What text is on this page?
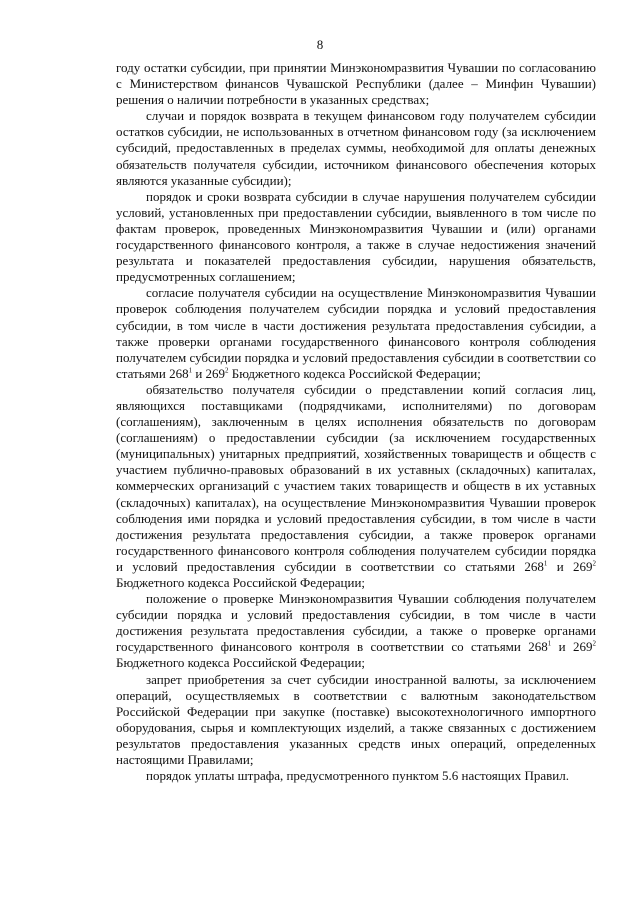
8

году остатки субсидии, при принятии Минэкономразвития Чувашии по согласованию с Министерством финансов Чувашской Республики (далее – Минфин Чувашии) решения о наличии потребности в указанных средствах;

случаи и порядок возврата в текущем финансовом году получателем субсидии остатков субсидии, не использованных в отчетном финансовом году (за исключением субсидий, предоставленных в пределах суммы, необходимой для оплаты денежных обязательств получателя субсидии, источником финансового обеспечения которых являются указанные субсидии);

порядок и сроки возврата субсидии в случае нарушения получателем субсидии условий, установленных при предоставлении субсидии, выявленного в том числе по фактам проверок, проведенных Минэкономразвития Чувашии и (или) органами государственного финансового контроля, а также в случае недостижения значений результата и показателей предоставления субсидии, нарушения обязательств, предусмотренных соглашением;

согласие получателя субсидии на осуществление Минэкономразвития Чувашии проверок соблюдения получателем субсидии порядка и условий предоставления субсидии, в том числе в части достижения результата предоставления субсидии, а также проверки органами государственного финансового контроля соблюдения получателем субсидии порядка и условий предоставления субсидии в соответствии со статьями $268^1$ и $269^2$ Бюджетного кодекса Российской Федерации;

обязательство получателя субсидии о представлении копий согласия лиц, являющихся поставщиками (подрядчиками, исполнителями) по договорам (соглашениям), заключенным в целях исполнения обязательств по договорам (соглашениям) о предоставлении субсидии (за исключением государственных (муниципальных) унитарных предприятий, хозяйственных товариществ и обществ с участием публично-правовых образований в их уставных (складочных) капиталах, коммерческих организаций с участием таких товариществ и обществ в их уставных (складочных) капиталах), на осуществление Минэкономразвития Чувашии проверок соблюдения ими порядка и условий предоставления субсидии, в том числе в части достижения результата предоставления субсидии, а также проверок органами государственного финансового контроля соблюдения получателем субсидии порядка и условий предоставления субсидии в соответствии со статьями $268^1$ и $269^2$ Бюджетного кодекса Российской Федерации;

положение о проверке Минэкономразвития Чувашии соблюдения получателем субсидии порядка и условий предоставления субсидии, в том числе в части достижения результата предоставления субсидии, а также о проверке органами государственного финансового контроля в соответствии со статьями $268^1$ и $269^2$ Бюджетного кодекса Российской Федерации;

запрет приобретения за счет субсидии иностранной валюты, за исключением операций, осуществляемых в соответствии с валютным законодательством Российской Федерации при закупке (поставке) высокотехнологичного импортного оборудования, сырья и комплектующих изделий, а также связанных с достижением результатов предоставления указанных средств иных операций, определенных настоящими Правилами;

порядок уплаты штрафа, предусмотренного пунктом 5.6 настоящих Правил.
